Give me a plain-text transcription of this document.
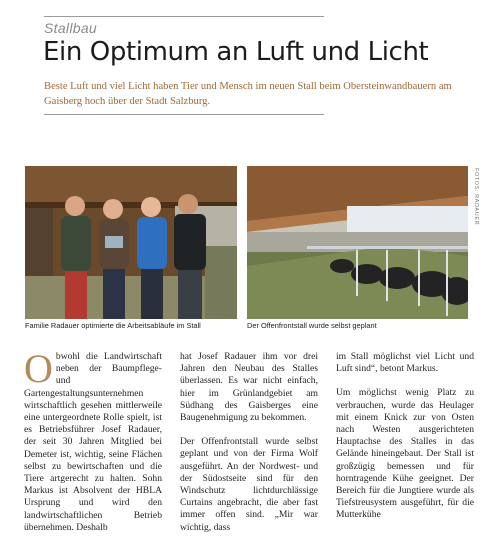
Stallbau
Ein Optimum an Luft und Licht
Beste Luft und viel Licht haben Tier und Mensch im neuen Stall beim Obersteinwandbauern am Gaisberg hoch über der Stadt Salzburg.
FOTOS: RADAUER
Familie Radauer optimierte die Arbeitsabläufe im Stall	Der Offenfrontstall wurde selbst geplant

Obwohl die Landwirtschaft neben der Baumpflege- und Gartengestaltungsunternehmen wirtschaftlich gesehen mittlerweile eine untergeordnete Rolle spielt, ist es Betriebsführer Josef Radauer, der seit 30 Jahren Mitglied bei Demeter ist, wichtig, seine Flächen selbst zu bewirtschaften und die Tiere artgerecht zu halten. Sohn Markus ist Absolvent der HBLA Ursprung und wird den landwirtschaftlichen Betrieb übernehmen. Deshalb

hat Josef Radauer ihm vor drei Jahren den Neubau des Stalles überlassen. Es war nicht einfach, hier im Grünlandgebiet am Südhang des Gaisberges eine Baugenehmigung zu bekommen.

Der Offenfrontstall wurde selbst geplant und von der Firma Wolf ausgeführt. An der Nordwest- und der Südostseite sind für den Windschutz lichtdurchlässige Curtains angebracht, die aber fast immer offen sind. „Mir war wichtig, dass

im Stall möglichst viel Licht und Luft sind“, betont Markus.

Um möglichst wenig Platz zu verbrauchen, wurde das Heulager mit einem Knick zur von Osten nach Westen ausgerichteten Hauptachse des Stalles in das Gelände hineingebaut. Der Stall ist großzügig bemessen und für horntragende Kühe geeignet. Der Bereich für die Jungtiere wurde als Tiefstreusystem ausgeführt, für die Mutterkühe
